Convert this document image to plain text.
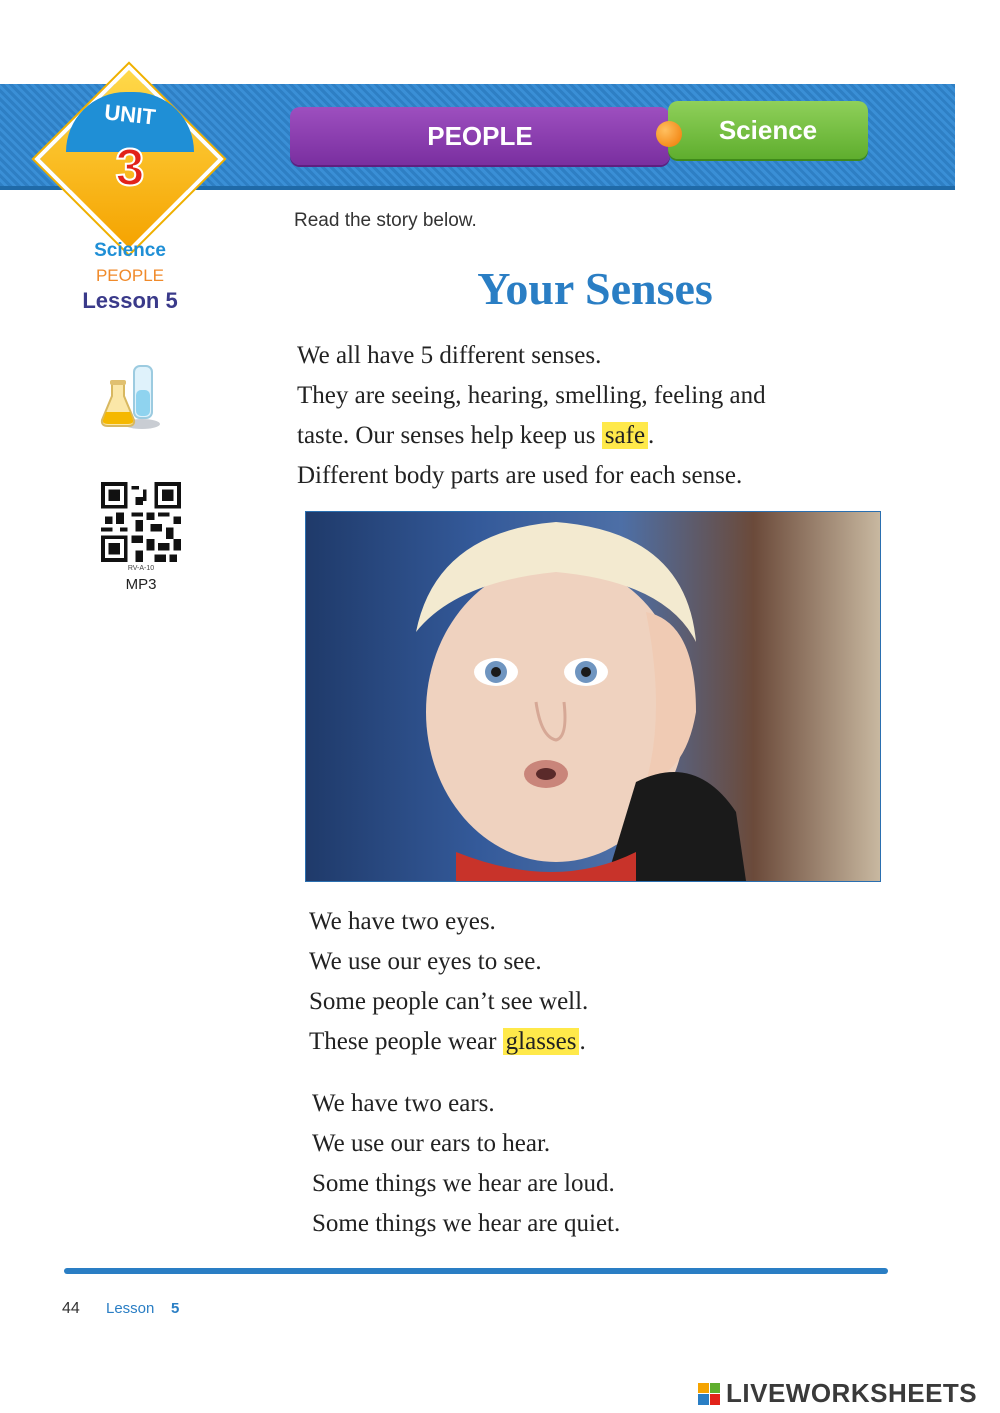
PEOPLE	Science
UNIT
3
Science
PEOPLE
Lesson 5
RV-A-10
MP3
Read the story below.
Your Senses
We all have 5 different senses.
They are seeing, hearing, smelling, feeling and
taste. Our senses help keep us safe .
Different body parts are used for each sense.
We have two eyes.
We use our eyes to see.
Some people can’t see well.
These people wear glasses .
We have two ears.
We use our ears to hear.
Some things we hear are loud.
Some things we hear are quiet.
44 Lesson 5
LIVEWORKSHEETS
